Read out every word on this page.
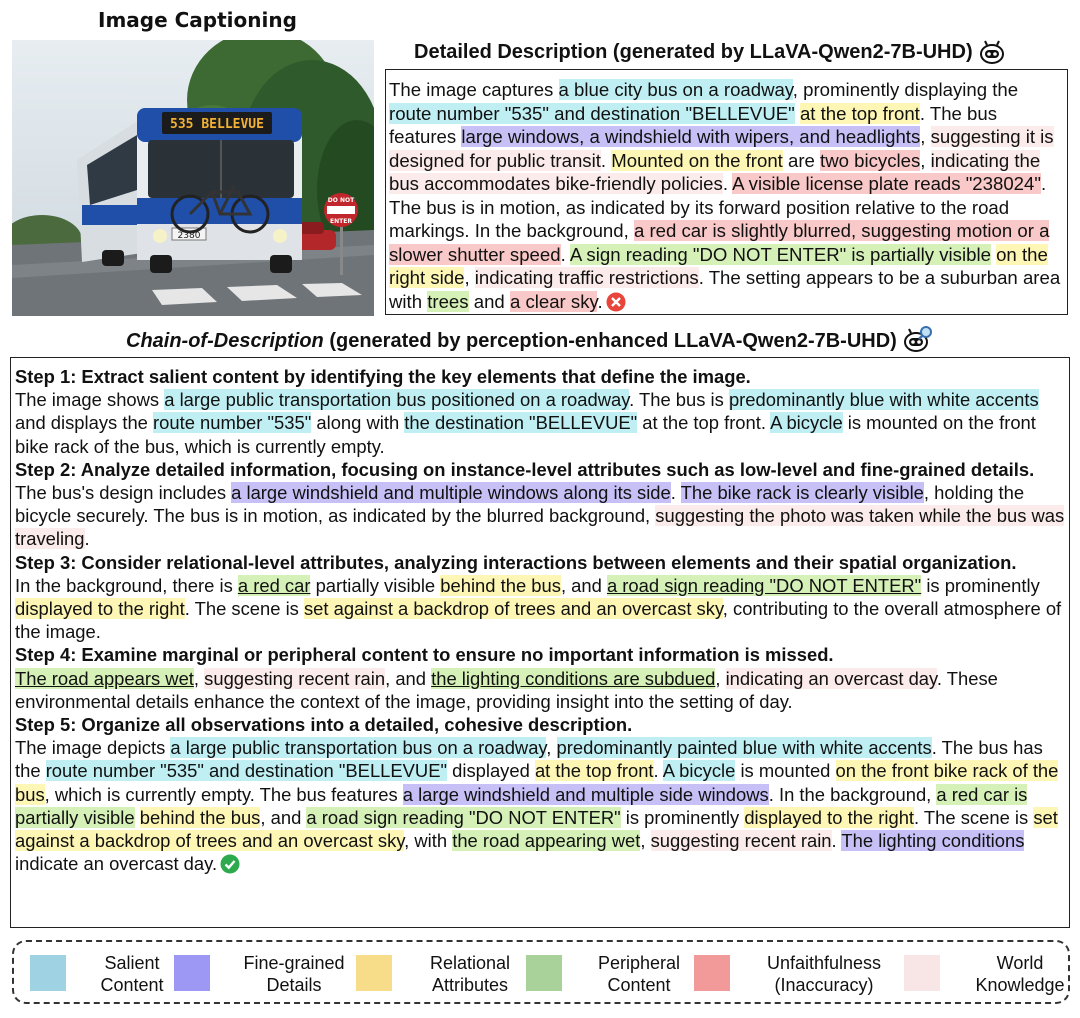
Image Captioning
535 BELLEVUE
2380
DO NOT
ENTER
Detailed Description (generated by LLaVA-Qwen2-7B-UHD)
The image captures a blue city bus on a roadway, prominently displaying the route number "535" and destination "BELLEVUE" at the top front. The bus features large windows, a windshield with wipers, and headlights, suggesting it is designed for public transit. Mounted on the front are two bicycles, indicating the bus accommodates bike-friendly policies. A visible license plate reads "238024". The bus is in motion, as indicated by its forward position relative to the road markings. In the background, a red car is slightly blurred, suggesting motion or a slower shutter speed. A sign reading "DO NOT ENTER" is partially visible on the right side, indicating traffic restrictions. The setting appears to be a suburban area with trees and a clear sky.
Chain-of-Description (generated by perception-enhanced LLaVA-Qwen2-7B-UHD)
Step 1: Extract salient content by identifying the key elements that define the image.
The image shows a large public transportation bus positioned on a roadway. The bus is predominantly blue with white accents and displays the route number "535" along with the destination "BELLEVUE" at the top front. A bicycle is mounted on the front bike rack of the bus, which is currently empty.
Step 2: Analyze detailed information, focusing on instance-level attributes such as low-level and fine-grained details.
The bus's design includes a large windshield and multiple windows along its side. The bike rack is clearly visible, holding the bicycle securely. The bus is in motion, as indicated by the blurred background, suggesting the photo was taken while the bus was traveling.
Step 3: Consider relational-level attributes, analyzing interactions between elements and their spatial organization.
In the background, there is a red car partially visible behind the bus, and a road sign reading "DO NOT ENTER" is prominently displayed to the right. The scene is set against a backdrop of trees and an overcast sky, contributing to the overall atmosphere of the image.
Step 4: Examine marginal or peripheral content to ensure no important information is missed.
The road appears wet, suggesting recent rain, and the lighting conditions are subdued, indicating an overcast day. These environmental details enhance the context of the image, providing insight into the setting of day.
Step 5: Organize all observations into a detailed, cohesive description.
The image depicts a large public transportation bus on a roadway, predominantly painted blue with white accents. The bus has the route number "535" and destination "BELLEVUE" displayed at the top front. A bicycle is mounted on the front bike rack of the bus, which is currently empty. The bus features a large windshield and multiple side windows. In the background, a red car is partially visible behind the bus, and a road sign reading "DO NOT ENTER" is prominently displayed to the right. The scene is set against a backdrop of trees and an overcast sky, with the road appearing wet, suggesting recent rain. The lighting conditions indicate an overcast day.
Salient
Content
Fine-grained
Details
Relational
Attributes
Peripheral
Content
Unfaithfulness
(Inaccuracy)
World
Knowledge
